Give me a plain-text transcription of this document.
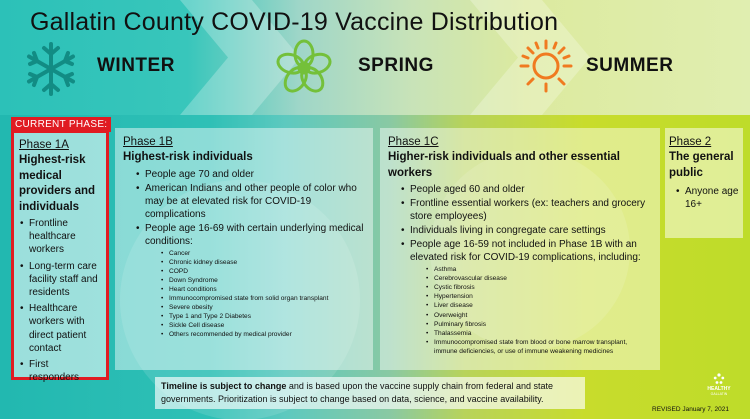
Gallatin County COVID-19 Vaccine Distribution
WINTER	SPRING	SUMMER
CURRENT PHASE:
Phase 1A
Highest-risk medical providers and individuals
• Frontline healthcare workers
• Long-term care facility staff and residents
• Healthcare workers with direct patient contact
• First responders
Phase 1B
Highest-risk individuals
• People age 70 and older
• American Indians and other people of color who may be at elevated risk for COVID-19 complications
• People age 16-69 with certain underlying medical conditions:
• Cancer
• Chronic kidney disease
• COPD
• Down Syndrome
• Heart conditions
• Immunocompromised state from solid organ transplant
• Severe obesity
• Type 1 and Type 2 Diabetes
• Sickle Cell disease
• Others recommended by medical provider
Phase 1C
Higher-risk individuals and other essential workers
• People aged 60 and older
• Frontline essential workers (ex: teachers and grocery store employees)
• Individuals living in congregate care settings
• People age 16-59 not included in Phase 1B with an elevated risk for COVID-19 complications, including:
• Asthma
• Cerebrovascular disease
• Cystic fibrosis
• Hypertension
• Liver disease
• Overweight
• Pulminary fibrosis
• Thalassemia
• Immunocompromised state from blood or bone marrow transplant, immune deficiencies, or use of immune weakening medicines
Phase 2
The general public
• Anyone age 16+
Timeline is subject to change and is based upon the vaccine supply chain from federal and state governments. Prioritization is subject to change based on data, science, and vaccine availability.
HEALTHY
GALLATIN
REVISED January 7, 2021
